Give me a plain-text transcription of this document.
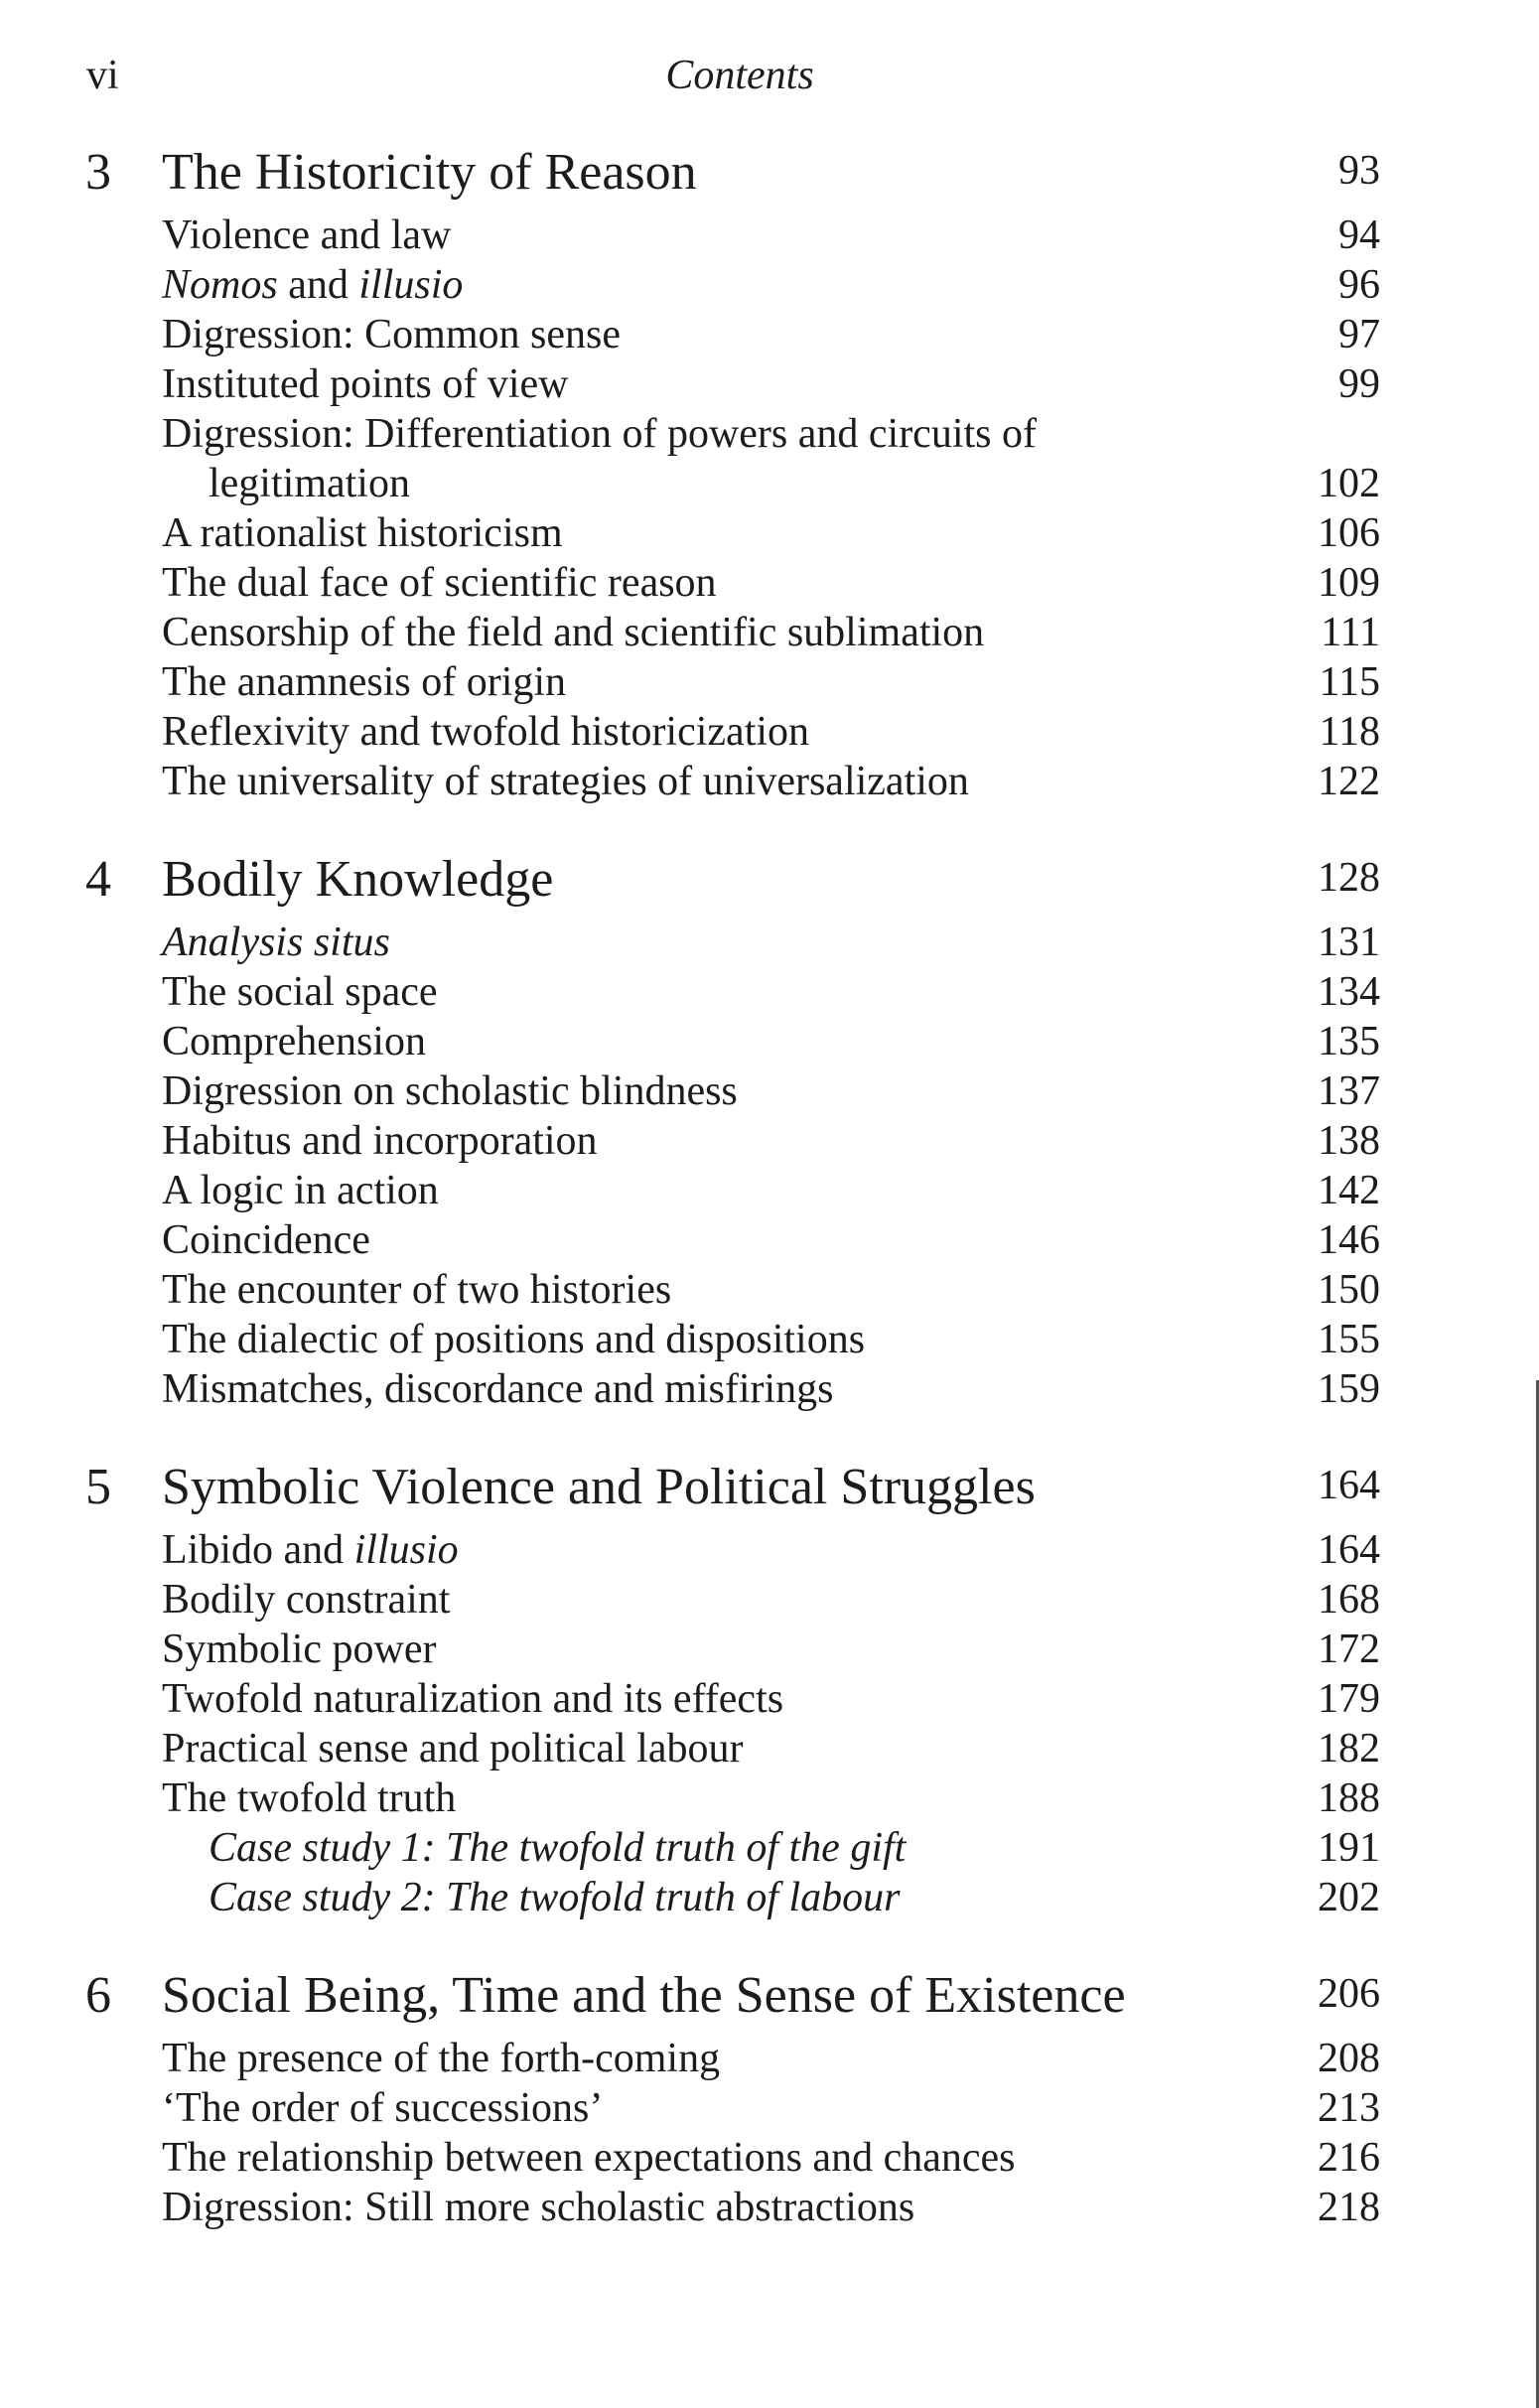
vi	Contents
3 The Historicity of Reason	93
Violence and law	94
Nomos and illusio	96
Digression: Common sense	97
Instituted points of view	99
Digression: Differentiation of powers and circuits of
legitimation	102
A rationalist historicism	106
The dual face of scientific reason	109
Censorship of the field and scientific sublimation	111
The anamnesis of origin	115
Reflexivity and twofold historicization	118
The universality of strategies of universalization	122
4 Bodily Knowledge	128
Analysis situs	131
The social space	134
Comprehension	135
Digression on scholastic blindness	137
Habitus and incorporation	138
A logic in action	142
Coincidence	146
The encounter of two histories	150
The dialectic of positions and dispositions	155
Mismatches, discordance and misfirings	159
5 Symbolic Violence and Political Struggles	164
Libido and illusio	164
Bodily constraint	168
Symbolic power	172
Twofold naturalization and its effects	179
Practical sense and political labour	182
The twofold truth	188
Case study 1: The twofold truth of the gift	191
Case study 2: The twofold truth of labour	202
6 Social Being, Time and the Sense of Existence	206
The presence of the forth-coming	208
‘The order of successions’	213
The relationship between expectations and chances	216
Digression: Still more scholastic abstractions	218
